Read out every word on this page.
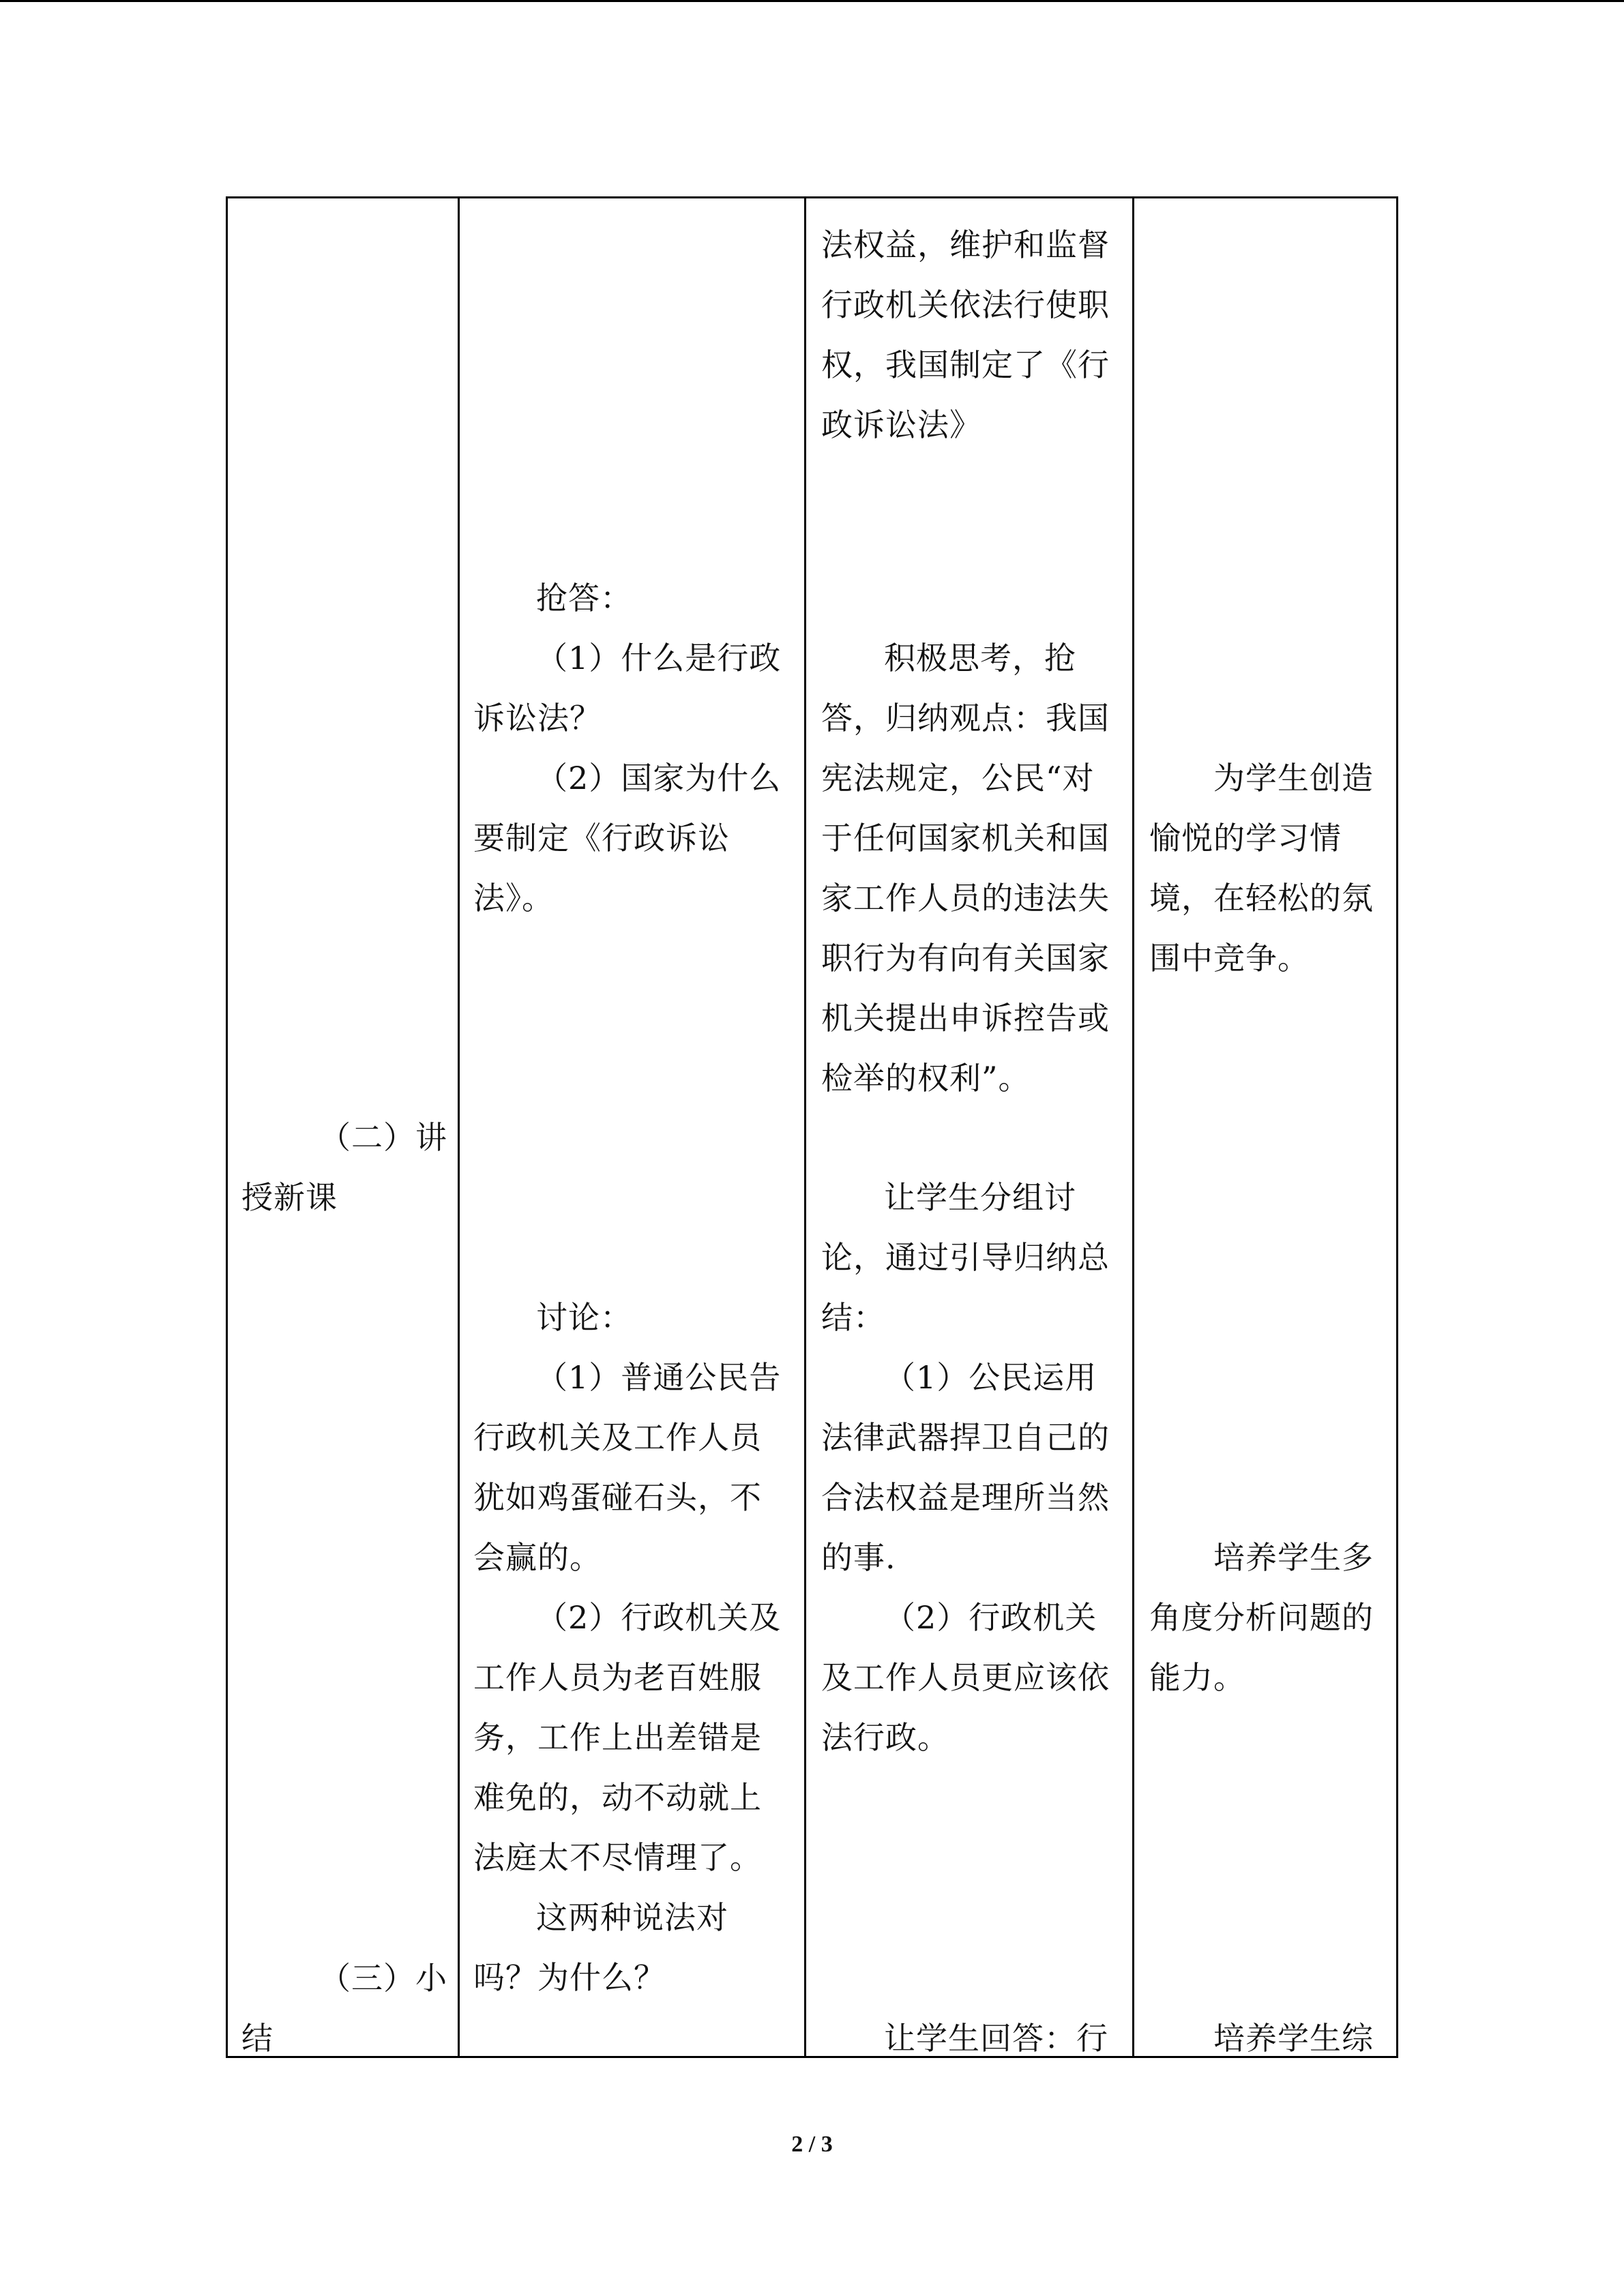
（二）讲
授新课
（三）小
结
抢答：
（1）什么是行政
诉讼法？
（2）国家为什么
要制定《行政诉讼
法》。
讨论：
（1）普通公民告
行政机关及工作人员
犹如鸡蛋碰石头，不
会赢的。
（2）行政机关及
工作人员为老百姓服
务，工作上出差错是
难免的，动不动就上
法庭太不尽情理了。
这两种说法对
吗？为什么？
法权益，维护和监督
行政机关依法行使职
权，我国制定了《行
政诉讼法》
积极思考，抢
答，归纳观点：我国
宪法规定，公民“对
于任何国家机关和国
家工作人员的违法失
职行为有向有关国家
机关提出申诉控告或
检举的权利”。
让学生分组讨
论，通过引导归纳总
结：
（1）公民运用
法律武器捍卫自己的
合法权益是理所当然
的事.
（2）行政机关
及工作人员更应该依
法行政。
让学生回答：行
为学生创造
愉悦的学习情
境，在轻松的氛
围中竞争。
培养学生多
角度分析问题的
能力。
培养学生综
2 / 3
